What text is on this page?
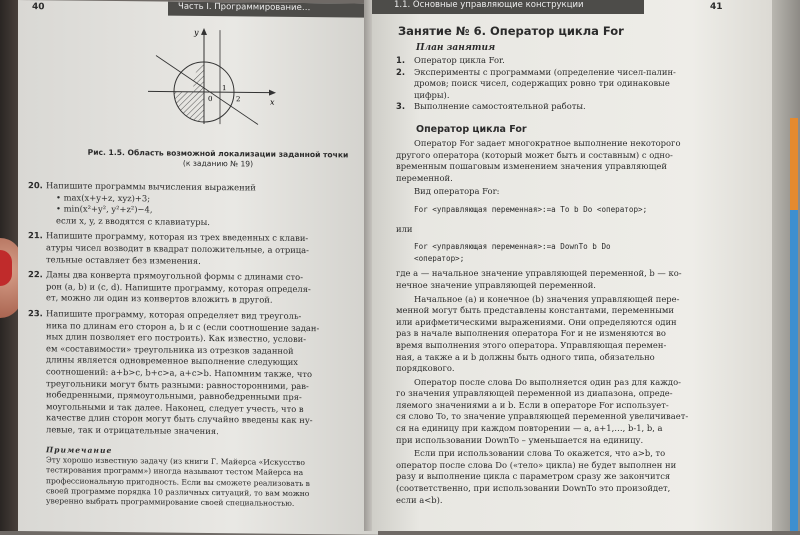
40	Часть I. Программирование…
y
x
0
1
2

Рис. 1.5. Область возможной локализации заданной точки

(к заданию № 19)

20. Напишите программы вычисления выражений

• max(x+y+z, xyz)+3;

• min(x²+y², y²+z²)−4,

если x, y, z вводятся с клавиатуры.

21. Напишите программу, которая из трех введенных с клави-

атуры чисел возводит в квадрат положительные, а отрица-

тельные оставляет без изменения.

22. Даны два конверта прямоугольной формы с длинами сто-

рон (a, b) и (c, d). Напишите программу, которая определя-

ет, можно ли один из конвертов вложить в другой.

23. Напишите программу, которая определяет вид треуголь-

ника по длинам его сторон a, b и c (если соотношение задан-

ных длин позволяет его построить). Как известно, услови-

ем «составимости» треугольника из отрезков заданной

длины является одновременное выполнение следующих

соотношений: a+b>c, b+c>a, a+c>b. Напомним также, что

треугольники могут быть разными: равносторонними, рав-

нобедренными, прямоугольными, равнобедренными пря-

моугольными и так далее. Наконец, следует учесть, что в

качестве длин сторон могут быть случайно введены как ну-

левые, так и отрицательные значения.

Примечание

Эту хорошо известную задачу (из книги Г. Майерса «Искусство

тестирования программ») иногда называют тестом Майерса на

профессиональную пригодность. Если вы сможете реализовать в

своей программе порядка 10 различных ситуаций, то вам можно

уверенно выбрать программирование своей специальностью.

1.1. Основные управляющие конструкции	41
Занятие № 6. Оператор цикла For
План занятия

1. Оператор цикла For.

2. Эксперименты с программами (определение чисел-палин-

дромов; поиск чисел, содержащих ровно три одинаковые

цифры).

3. Выполнение самостоятельной работы.

Оператор цикла For

Оператор For задает многократное выполнение некоторого

другого оператора (который может быть и составным) с одно-

временным пошаговым изменением значения управляющей

переменной.

Вид оператора For:

For <управляющая переменная>:=a To b Do <оператор>;

или

For <управляющая переменная>:=a DownTo b Do

<оператор>;

где a — начальное значение управляющей переменной, b — ко-

нечное значение управляющей переменной.

Начальное (a) и конечное (b) значения управляющей пере-

менной могут быть представлены константами, переменными

или арифметическими выражениями. Они определяются один

раз в начале выполнения оператора For и не изменяются во

время выполнения этого оператора. Управляющая перемен-

ная, а также a и b должны быть одного типа, обязательно

порядкового.

Оператор после слова Do выполняется один раз для каждо-

го значения управляющей переменной из диапазона, опреде-

ляемого значениями a и b. Если в операторе For использует-

ся слово To, то значение управляющей переменной увеличивает-

ся на единицу при каждом повторении — a, a+1,…, b-1, b, a

при использовании DownTo – уменьшается на единицу.

Если при использовании слова To окажется, что a>b, то

оператор после слова Do («тело» цикла) не будет выполнен ни

разу и выполнение цикла с параметром сразу же закончится

(соответственно, при использовании DownTo это произойдет,

если a<b).
